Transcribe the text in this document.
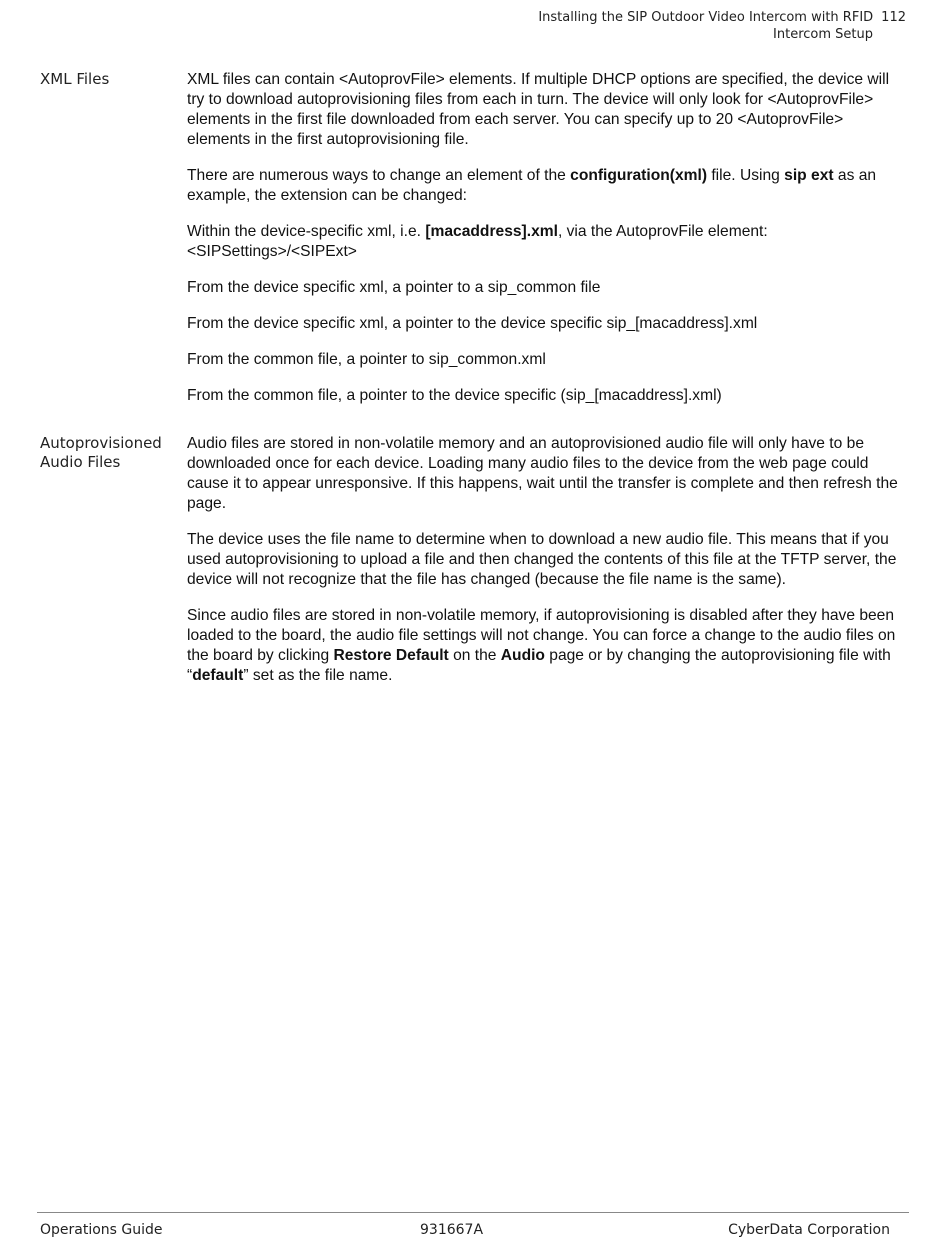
Installing the SIP Outdoor Video Intercom with RFID 112
Intercom Setup
XML Files	XML files can contain <AutoprovFile> elements. If multiple DHCP options are specified, the device will try to download autoprovisioning files from each in turn. The device will only look for <AutoprovFile> elements in the first file downloaded from each server. You can specify up to 20 <AutoprovFile> elements in the first autoprovisioning file.

There are numerous ways to change an element of the configuration(xml) file. Using sip ext as an example, the extension can be changed:

Within the device-specific xml, i.e. [macaddress].xml, via the AutoprovFile element:<SIPSettings>/<SIPExt>

From the device specific xml, a pointer to a sip_common file

From the device specific xml, a pointer to the device specific sip_[macaddress].xml

From the common file, a pointer to sip_common.xml

From the common file, a pointer to the device specific (sip_[macaddress].xml)

Autoprovisioned
Audio Files

Audio files are stored in non-volatile memory and an autoprovisioned audio file will only have to be downloaded once for each device. Loading many audio files to the device from the web page could cause it to appear unresponsive. If this happens, wait until the transfer is complete and then refresh the page.

The device uses the file name to determine when to download a new audio file. This means that if you used autoprovisioning to upload a file and then changed the contents of this file at the TFTP server, the device will not recognize that the file has changed (because the file name is the same).

Since audio files are stored in non-volatile memory, if autoprovisioning is disabled after they have been loaded to the board, the audio file settings will not change. You can force a change to the audio files on the board by clicking Restore Default on the Audio page or by changing the autoprovisioning file with “default” set as the file name.

Operations Guide	931667A	CyberData Corporation
